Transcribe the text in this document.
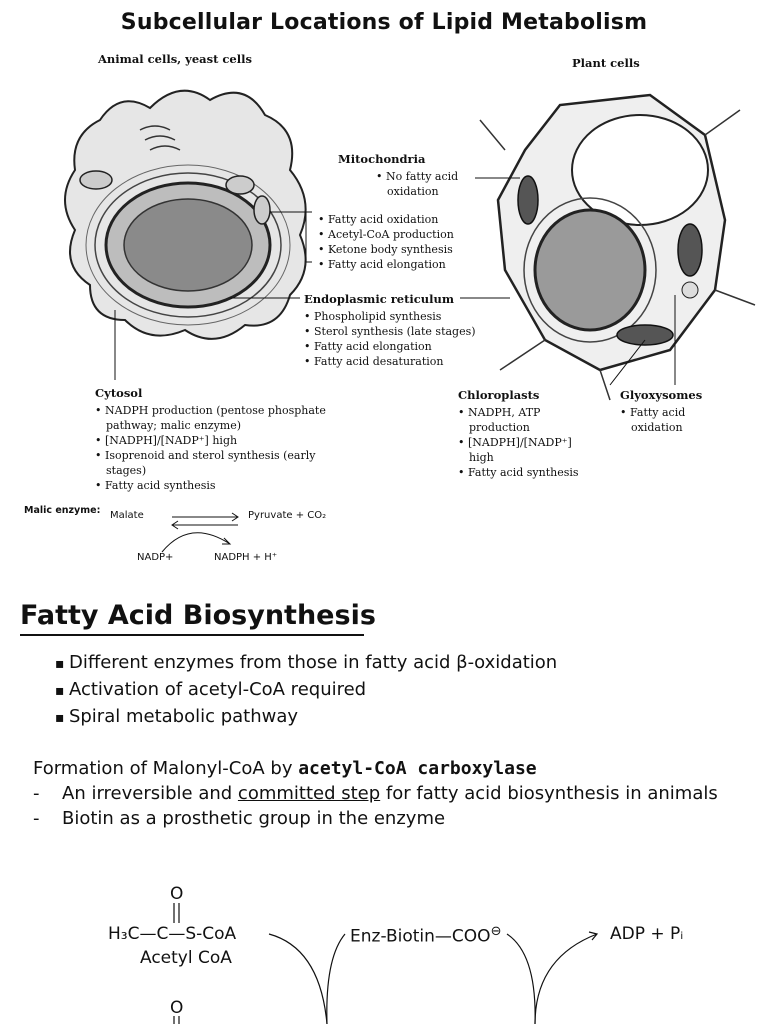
Subcellular Locations of Lipid Metabolism
Animal cells, yeast cells	Plant cells
Mitochondria
• No fatty acid oxidation
• Fatty acid oxidation
• Acetyl-CoA production
• Ketone body synthesis
• Fatty acid elongation
Endoplasmic reticulum
• Phospholipid synthesis
• Sterol synthesis (late stages)
• Fatty acid elongation
• Fatty acid desaturation
Cytosol
• NADPH production (pentose phosphate pathway; malic enzyme)
• [NADPH]/[NADP⁺] high
• Isoprenoid and sterol synthesis (early stages)
• Fatty acid synthesis
Chloroplasts
• NADPH, ATP production
• [NADPH]/[NADP⁺] high
• Fatty acid synthesis
Glyoxysomes
• Fatty acid oxidation
Malic enzyme: Malate	Pyruvate + CO₂
NADP+	NADPH + H⁺
Fatty Acid Biosynthesis
▪ Different enzymes from those in fatty acid β-oxidation
▪ Activation of acetyl-CoA required
▪ Spiral metabolic pathway
Formation of Malonyl-CoA by acetyl-CoA carboxylase
-	An irreversible and committed step for fatty acid biosynthesis in animals
-	Biotin as a prosthetic group in the enzyme
O
H₃C—C—S-CoA
Acetyl CoA
Enz-Biotin—COO⊖	ADP + Pᵢ
O
